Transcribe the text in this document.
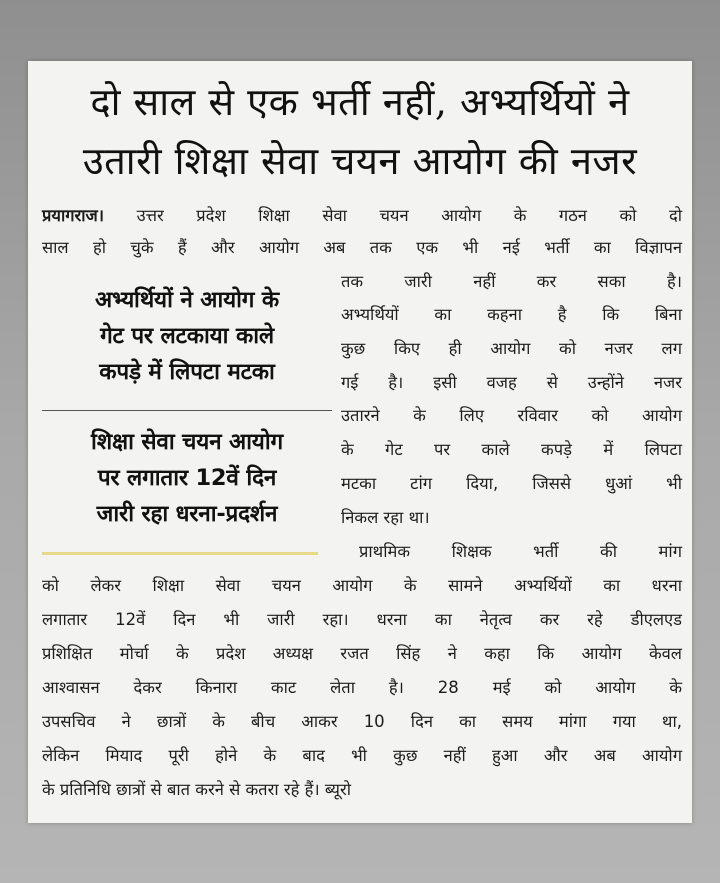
दो साल से एक भर्ती नहीं, अभ्यर्थियों ने
उतारी शिक्षा सेवा चयन आयोग की नजर
प्रयागराज। उत्तर प्रदेश शिक्षा सेवा चयन आयोग के गठन को दो
साल हो चुके हैं और आयोग अब तक एक भी नई भर्ती का विज्ञापन
तक जारी नहीं कर सका है।
अभ्यर्थियों का कहना है कि बिना
कुछ किए ही आयोग को नजर लग
गई है। इसी वजह से उन्होंने नजर
उतारने के लिए रविवार को आयोग
के गेट पर काले कपड़े में लिपटा
मटका टांग दिया, जिससे धुआं भी
निकल रहा था।
अभ्यर्थियों ने आयोग के
गेट पर लटकाया काले
कपड़े में लिपटा मटका
शिक्षा सेवा चयन आयोग
पर लगातार 12वें दिन
जारी रहा धरना-प्रदर्शन
प्राथमिक शिक्षक भर्ती की मांग
को लेकर शिक्षा सेवा चयन आयोग के सामने अभ्यर्थियों का धरना
लगातार 12वें दिन भी जारी रहा। धरना का नेतृत्व कर रहे डीएलएड
प्रशिक्षित मोर्चा के प्रदेश अध्यक्ष रजत सिंह ने कहा कि आयोग केवल
आश्वासन देकर किनारा काट लेता है। 28 मई को आयोग के
उपसचिव ने छात्रों के बीच आकर 10 दिन का समय मांगा गया था,
लेकिन मियाद पूरी होने के बाद भी कुछ नहीं हुआ और अब आयोग
के प्रतिनिधि छात्रों से बात करने से कतरा रहे हैं। ब्यूरो
